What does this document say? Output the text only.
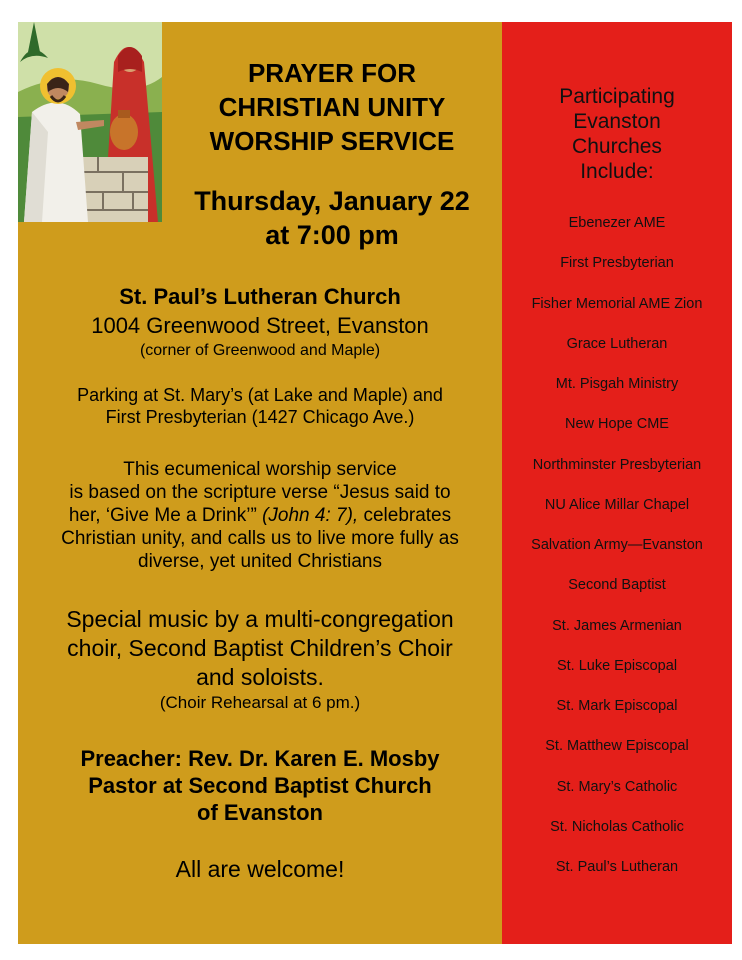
PRAYER FOR
CHRISTIAN UNITY
WORSHIP SERVICE
Thursday, January 22
at 7:00 pm
St. Paul’s Lutheran Church
1004 Greenwood Street, Evanston
(corner of Greenwood and Maple)
Parking at St. Mary’s (at Lake and Maple) and
First Presbyterian (1427 Chicago Ave.)
This ecumenical worship service
is based on the scripture verse “Jesus said to
her, ‘Give Me a Drink’” (John 4: 7), celebrates
Christian unity, and calls us to live more fully as
diverse, yet united Christians
Special music by a multi-congregation
choir, Second Baptist Children’s Choir
and soloists.
(Choir Rehearsal at 6 pm.)
Preacher: Rev. Dr. Karen E. Mosby
Pastor at Second Baptist Church
of Evanston
All are welcome!
Participating
Evanston
Churches
Include:
Ebenezer AME
First Presbyterian
Fisher Memorial AME Zion
Grace Lutheran
Mt. Pisgah Ministry
New Hope CME
Northminster Presbyterian
NU Alice Millar Chapel
Salvation Army—Evanston
Second Baptist
St. James Armenian
St. Luke Episcopal
St. Mark Episcopal
St. Matthew Episcopal
St. Mary’s Catholic
St. Nicholas Catholic
St. Paul’s Lutheran
